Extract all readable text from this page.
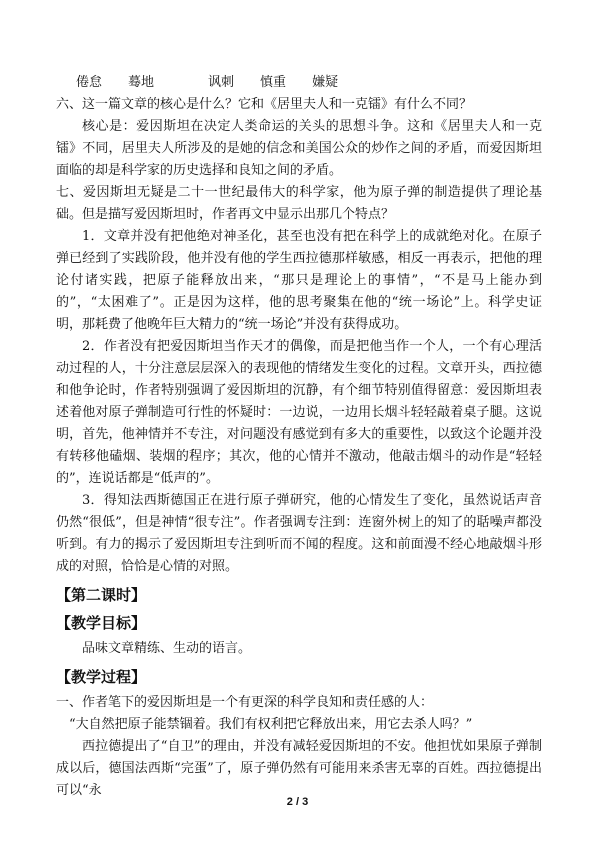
倦怠 蓦地	讽刺 慎重 嫌疑

六、这一篇文章的核心是什么？它和《居里夫人和一克镭》有什么不同？

核心是：爱因斯坦在决定人类命运的关头的思想斗争。这和《居里夫人和一克镭》不同，居里夫人所涉及的是她的信念和美国公众的炒作之间的矛盾，而爱因斯坦面临的却是科学家的历史选择和良知之间的矛盾。

七、爱因斯坦无疑是二十一世纪最伟大的科学家，他为原子弹的制造提供了理论基础。但是描写爱因斯坦时，作者再文中显示出那几个特点？

1．文章并没有把他绝对神圣化，甚至也没有把在科学上的成就绝对化。在原子弹已经到了实践阶段，他并没有他的学生西拉德那样敏感，相反一再表示，把他的理论付诸实践，把原子能释放出来，“那只是理论上的事情”，“不是马上能办到的”，“太困难了”。正是因为这样，他的思考聚集在他的“统一场论”上。科学史证明，那耗费了他晚年巨大精力的“统一场论”并没有获得成功。

2．作者没有把爱因斯坦当作天才的偶像，而是把他当作一个人，一个有心理活动过程的人，十分注意层层深入的表现他的情绪发生变化的过程。文章开头，西拉德和他争论时，作者特别强调了爱因斯坦的沉静，有个细节特别值得留意：爱因斯坦表述着他对原子弹制造可行性的怀疑时：一边说，一边用长烟斗轻轻敲着桌子腿。这说明，首先，他神情并不专注，对问题没有感觉到有多大的重要性，以致这个论题并没有转移他磕烟、装烟的程序；其次，他的心情并不激动，他敲击烟斗的动作是“轻轻的”，连说话都是“低声的”。

3．得知法西斯德国正在进行原子弹研究，他的心情发生了变化，虽然说话声音仍然“很低”，但是神情“很专注”。作者强调专注到：连窗外树上的知了的聒噪声都没听到。有力的揭示了爱因斯坦专注到听而不闻的程度。这和前面漫不经心地敲烟斗形成的对照，恰恰是心情的对照。

【第二课时】
【教学目标】

品味文章精练、生动的语言。

【教学过程】

一、作者笔下的爱因斯坦是一个有更深的科学良知和责任感的人：

“大自然把原子能禁锢着。我们有权利把它释放出来，用它去杀人吗？”

西拉德提出了“自卫”的理由，并没有减轻爱因斯坦的不安。他担忧如果原子弹制成以后，德国法西斯“完蛋”了，原子弹仍然有可能用来杀害无辜的百姓。西拉德提出可以“永

2 / 3
